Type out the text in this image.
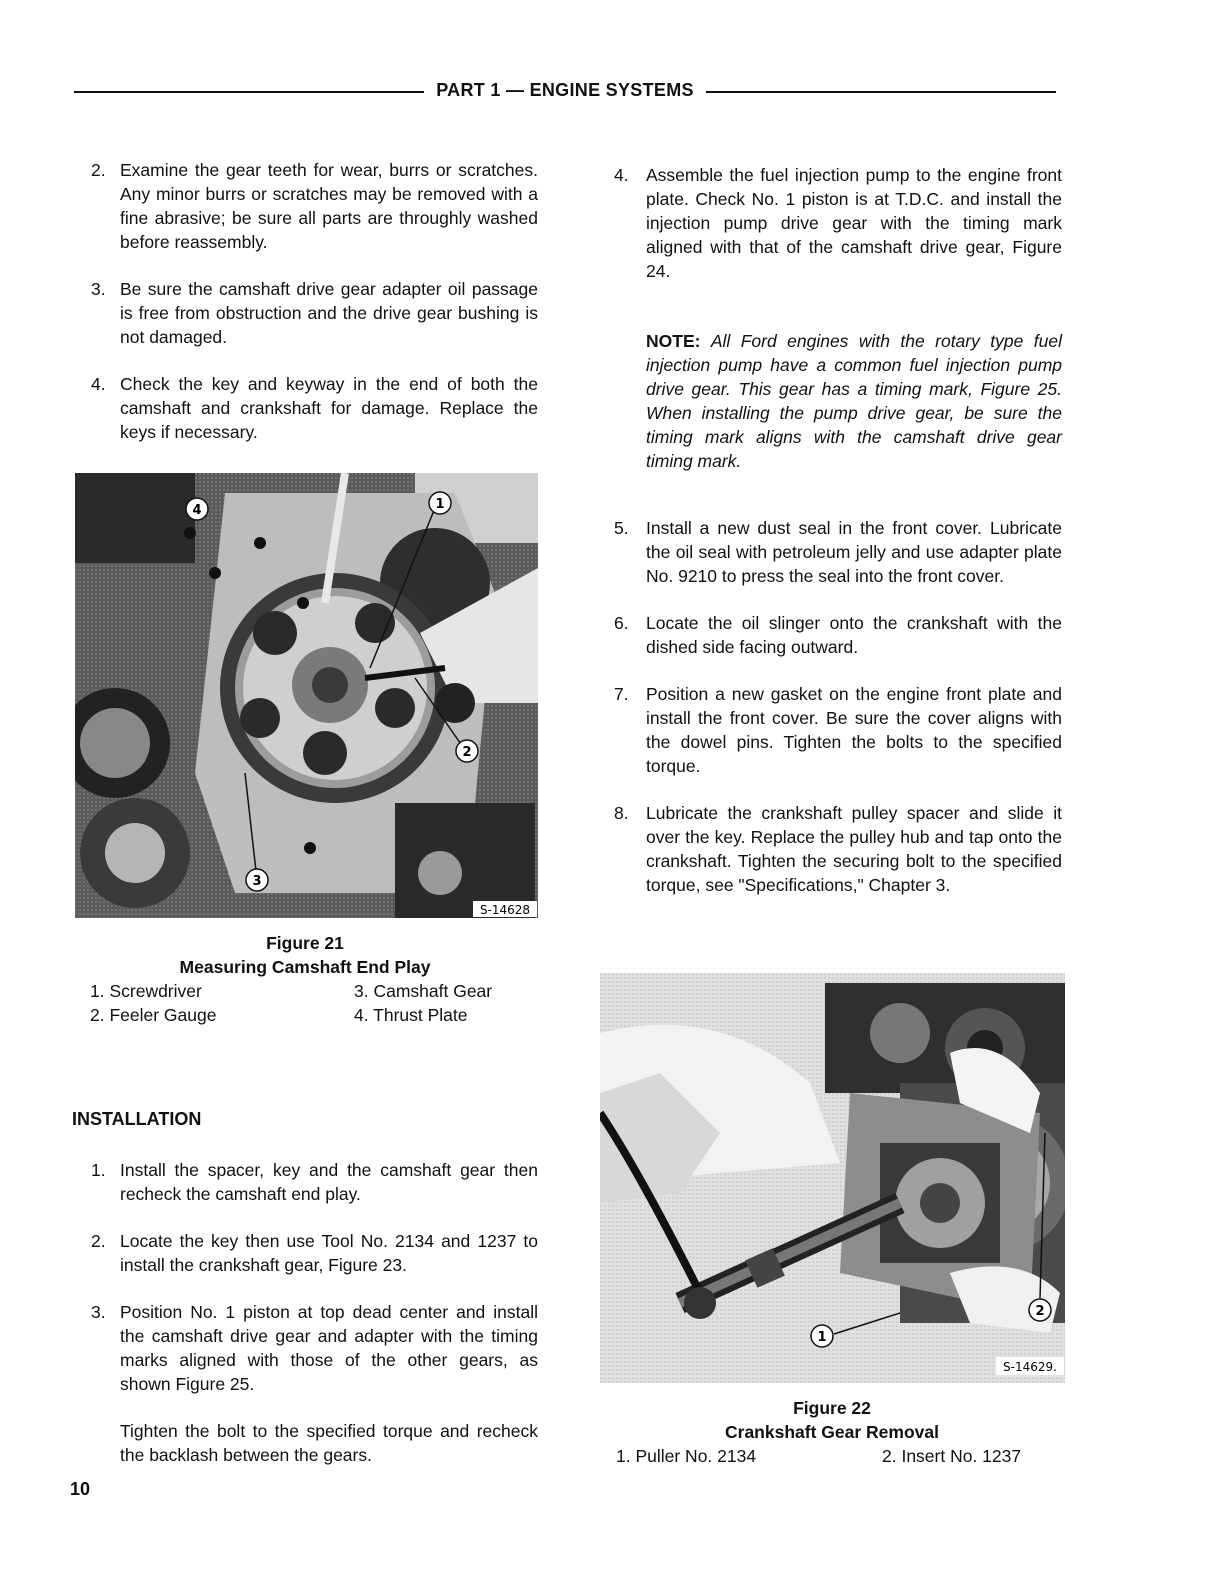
PART 1 — ENGINE SYSTEMS
2. Examine the gear teeth for wear, burrs or scratches. Any minor burrs or scratches may be removed with a fine abrasive; be sure all parts are throughly washed before reassembly.
3. Be sure the camshaft drive gear adapter oil passage is free from obstruction and the drive gear bushing is not damaged.
4. Check the key and keyway in the end of both the camshaft and crankshaft for damage. Replace the keys if necessary.
1
2
3
4
S-14628
Figure 21
Measuring Camshaft End Play
1. Screwdriver	3. Camshaft Gear
2. Feeler Gauge	4. Thrust Plate
INSTALLATION
1. Install the spacer, key and the camshaft gear then recheck the camshaft end play.
2. Locate the key then use Tool No. 2134 and 1237 to install the crankshaft gear, Figure 23.
3. Position No. 1 piston at top dead center and install the camshaft drive gear and adapter with the timing marks aligned with those of the other gears, as shown Figure 25.
Tighten the bolt to the specified torque and recheck the backlash between the gears.
4. Assemble the fuel injection pump to the engine front plate. Check No. 1 piston is at T.D.C. and install the injection pump drive gear with the timing mark aligned with that of the camshaft drive gear, Figure 24.
NOTE: All Ford engines with the rotary type fuel injection pump have a common fuel injection pump drive gear. This gear has a timing mark, Figure 25. When installing the pump drive gear, be sure the timing mark aligns with the camshaft drive gear timing mark.
5. Install a new dust seal in the front cover. Lubricate the oil seal with petroleum jelly and use adapter plate No. 9210 to press the seal into the front cover.
6. Locate the oil slinger onto the crankshaft with the dished side facing outward.
7. Position a new gasket on the engine front plate and install the front cover. Be sure the cover aligns with the dowel pins. Tighten the bolts to the specified torque.
8. Lubricate the crankshaft pulley spacer and slide it over the key. Replace the pulley hub and tap onto the crankshaft. Tighten the securing bolt to the specified torque, see "Specifications," Chapter 3.
1
2
S-14629.
Figure 22
Crankshaft Gear Removal
1. Puller No. 2134	2. Insert No. 1237
10
